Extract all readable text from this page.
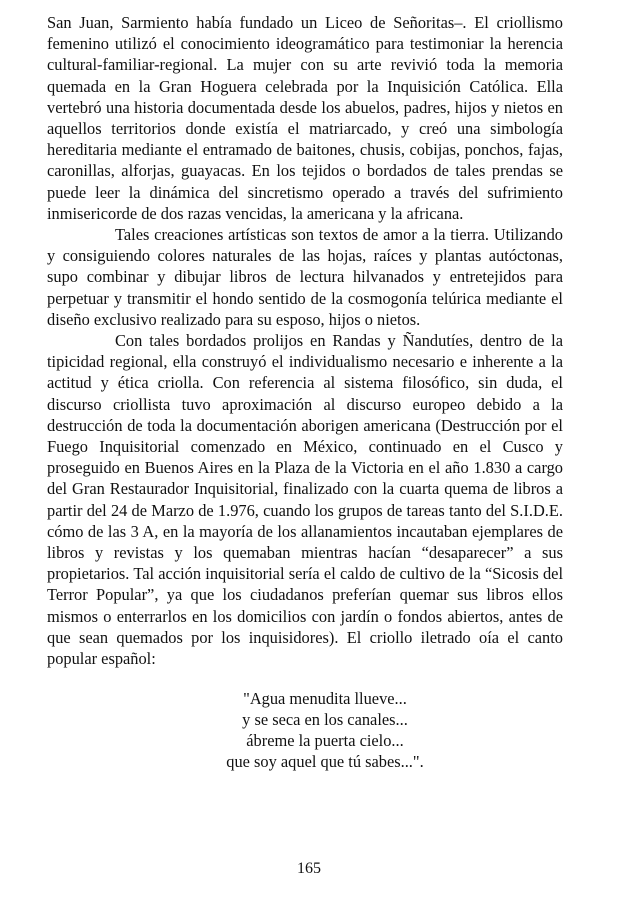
San Juan, Sarmiento había fundado un Liceo de Señoritas–. El criollismo femenino utilizó el conocimiento ideogramático para testimoniar la herencia cultural-familiar-regional. La mujer con su arte revivió toda la memoria quemada en la Gran Hoguera celebrada por la Inquisición Católica. Ella vertebró una historia documentada desde los abuelos, padres, hijos y nietos en aquellos territorios donde existía el matriarcado, y creó una simbología hereditaria mediante el entramado de baitones, chusis, cobijas, ponchos, fajas, caronillas, alforjas, guayacas. En los tejidos o bordados de tales prendas se puede leer la dinámica del sincretismo operado a través del sufrimiento inmisericorde de dos razas vencidas, la americana y la africana.

Tales creaciones artísticas son textos de amor a la tierra. Utilizando y consiguiendo colores naturales de las hojas, raíces y plantas autóctonas, supo combinar y dibujar libros de lectura hilvanados y entretejidos para perpetuar y transmitir el hondo sentido de la cosmogonía telúrica mediante el diseño exclusivo realizado para su esposo, hijos o nietos.

Con tales bordados prolijos en Randas y Ñandutíes, dentro de la tipicidad regional, ella construyó el individualismo necesario e inherente a la actitud y ética criolla. Con referencia al sistema filosófico, sin duda, el discurso criollista tuvo aproximación al discurso europeo debido a la destrucción de toda la documentación aborigen americana (Destrucción por el Fuego Inquisitorial comenzado en México, continuado en el Cusco y proseguido en Buenos Aires en la Plaza de la Victoria en el año 1.830 a cargo del Gran Restaurador Inquisitorial, finalizado con la cuarta quema de libros a partir del 24 de Marzo de 1.976, cuando los grupos de tareas tanto del S.I.D.E. cómo de las 3 A, en la mayoría de los allanamientos incautaban ejemplares de libros y revistas y los quemaban mientras hacían “desaparecer” a sus propietarios. Tal acción inquisitorial sería el caldo de cultivo de la “Sicosis del Terror Popular”, ya que los ciudadanos preferían quemar sus libros ellos mismos o enterrarlos en los domicilios con jardín o fondos abiertos, antes de que sean quemados por los inquisidores). El criollo iletrado oía el canto popular español:

"Agua menudita llueve...
y se seca en los canales...
ábreme la puerta cielo...
que soy aquel que tú sabes...".
165
